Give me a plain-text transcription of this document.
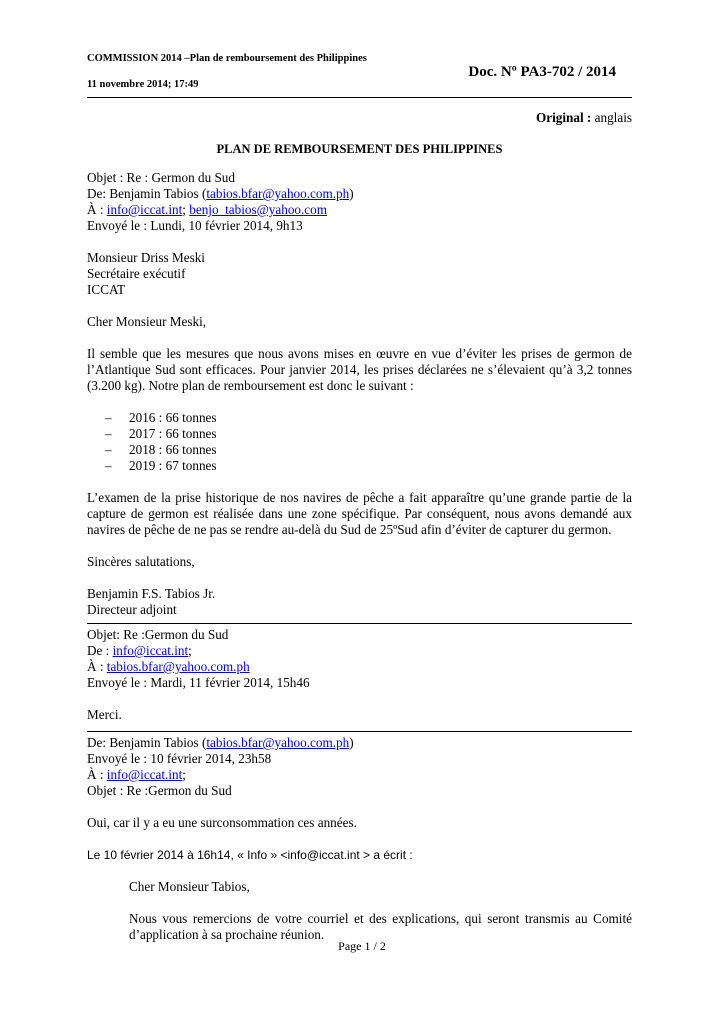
COMMISSION 2014 –Plan de remboursement des Philippines
11 novembre 2014; 17:49
Doc. Nº PA3-702 / 2014
Original : anglais
PLAN DE REMBOURSEMENT DES PHILIPPINES
Objet : Re : Germon du Sud
De: Benjamin Tabios (tabios.bfar@yahoo.com.ph)
À : info@iccat.int; benjo_tabios@yahoo.com
Envoyé le : Lundi, 10 février 2014, 9h13
Monsieur Driss Meski
Secrétaire exécutif
ICCAT
Cher Monsieur Meski,
Il semble que les mesures que nous avons mises en œuvre en vue d’éviter les prises de germon de l’Atlantique Sud sont efficaces. Pour janvier 2014, les prises déclarées ne s’élevaient qu’à 3,2 tonnes (3.200 kg). Notre plan de remboursement est donc le suivant :
– 2016 : 66 tonnes
– 2017 : 66 tonnes
– 2018 : 66 tonnes
– 2019 : 67 tonnes
L’examen de la prise historique de nos navires de pêche a fait apparaître qu’une grande partie de la capture de germon est réalisée dans une zone spécifique. Par conséquent, nous avons demandé aux navires de pêche de ne pas se rendre au-delà du Sud de 25ºSud afin d’éviter de capturer du germon.
Sincères salutations,
Benjamin F.S. Tabios Jr.
Directeur adjoint
Objet: Re :Germon du Sud
De : info@iccat.int;
À : tabios.bfar@yahoo.com.ph
Envoyé le : Mardi, 11 février 2014, 15h46
Merci.
De: Benjamin Tabios (tabios.bfar@yahoo.com.ph)
Envoyé le : 10 février 2014, 23h58
À : info@iccat.int;
Objet : Re :Germon du Sud
Oui, car il y a eu une surconsommation ces années.
Le 10 février 2014 à 16h14, « Info » <info@iccat.int > a écrit :
Cher Monsieur Tabios,
Nous vous remercions de votre courriel et des explications, qui seront transmis au Comité d’application à sa prochaine réunion.
Page 1 / 2
